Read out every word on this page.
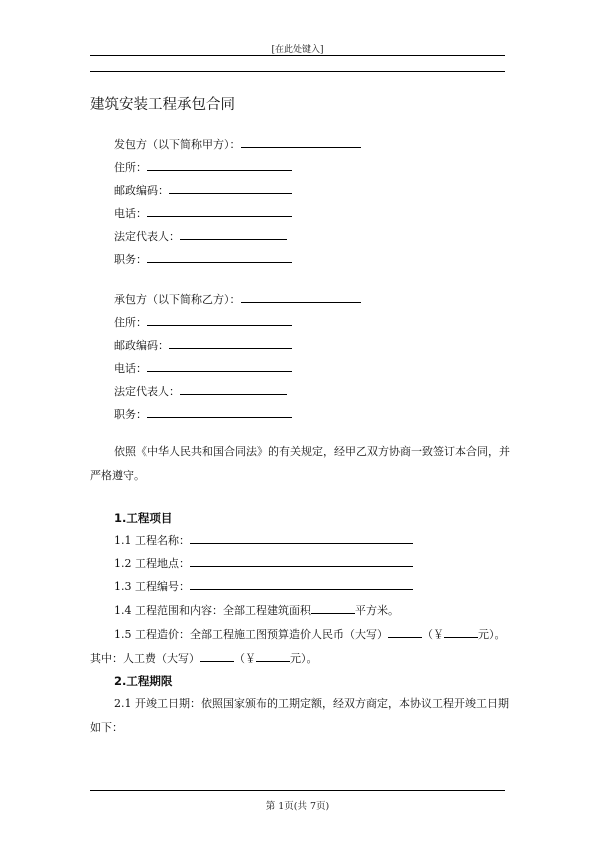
[在此处键入]
建筑安装工程承包合同
发包方（以下简称甲方）：
住所：
邮政编码：
电话：
法定代表人：
职务：
承包方（以下简称乙方）：
住所：
邮政编码：
电话：
法定代表人：
职务：
依照《中华人民共和国合同法》的有关规定，经甲乙双方协商一致签订本合同，并严格遵守。
1.工程项目
1.1 工程名称：
1.2 工程地点：
1.3 工程编号：
1.4 工程范围和内容：全部工程建筑面积	平方米。
1.5 工程造价：全部工程施工图预算造价人民币（大写）	（￥	元）。
其中：人工费（大写）	（￥	元）。
2.工程期限
2.1 开竣工日期：依照国家颁布的工期定额，经双方商定，本协议工程开竣工日期如下：
第 1页(共 7页)
